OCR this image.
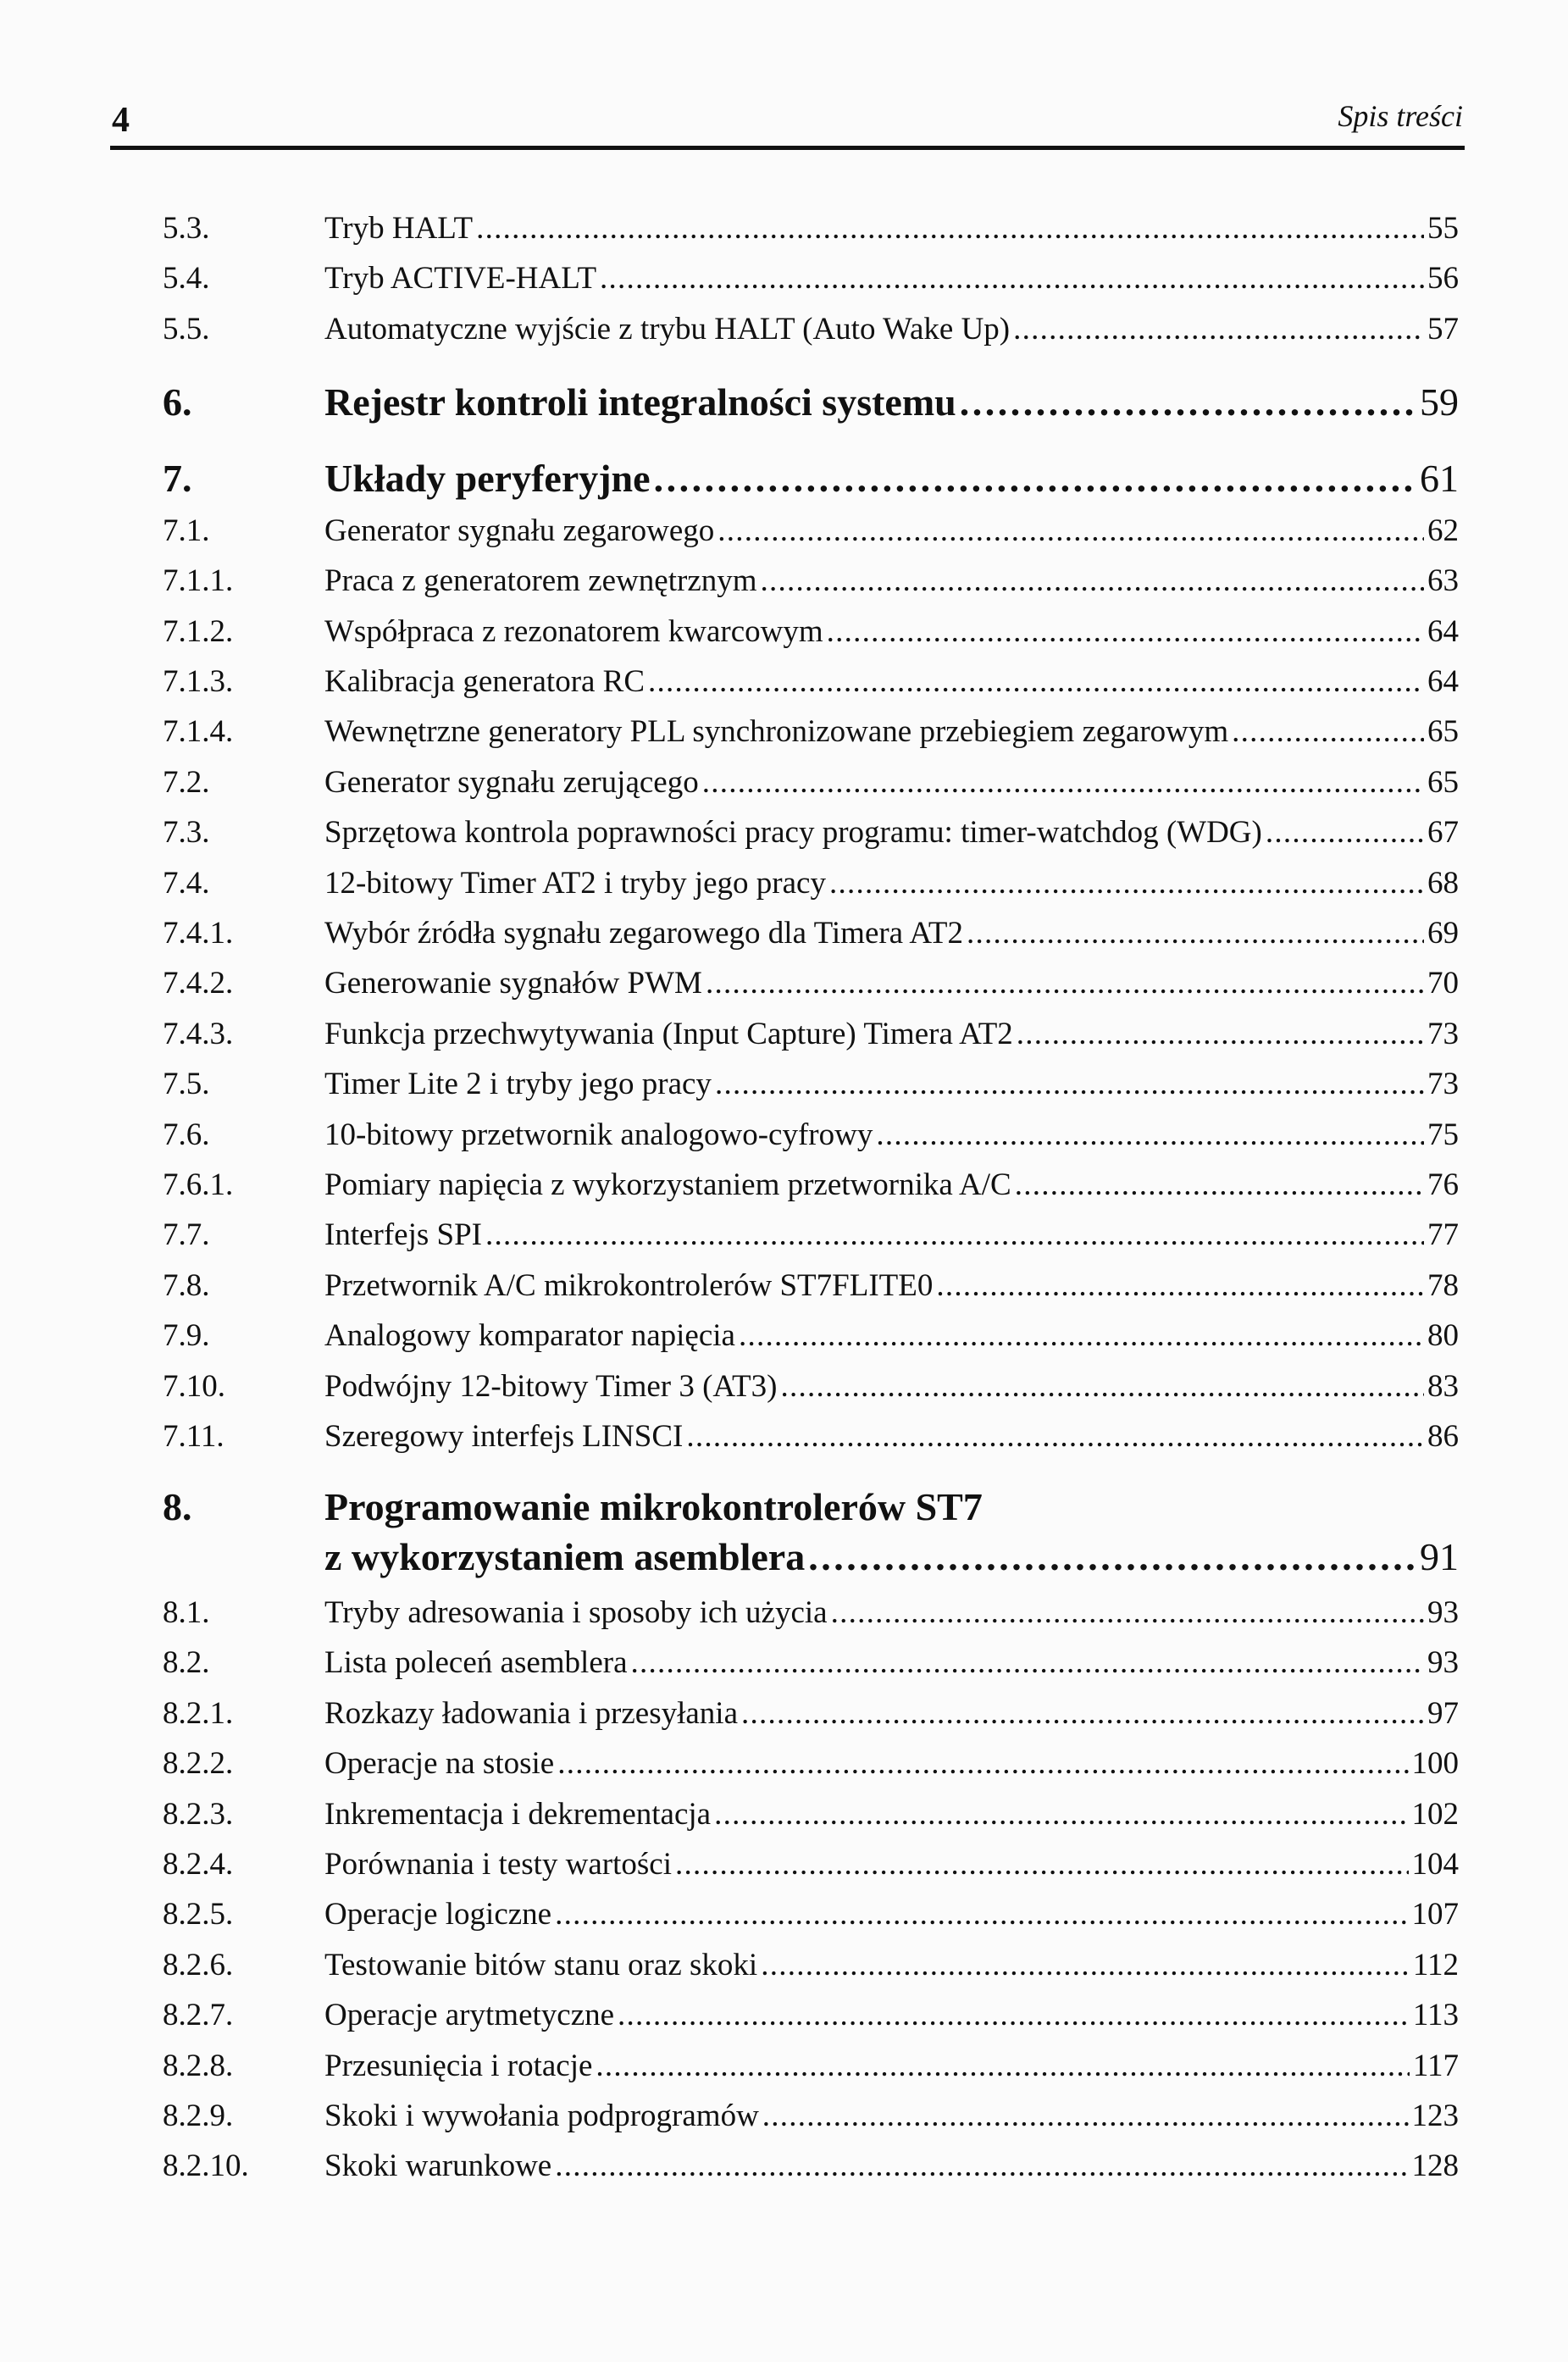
4	Spis treści
5.3.	Tryb HALT . . .	55
5.4.	Tryb ACTIVE-HALT . . .	56
5.5.	Automatyczne wyjście z trybu HALT (Auto Wake Up) . . .	57
6.	Rejestr kontroli integralności systemu . . .	59
7.	Układy peryferyjne . . .	61
7.1.	Generator sygnału zegarowego . . .	62
7.1.1.	Praca z generatorem zewnętrznym . . .	63
7.1.2.	Współpraca z rezonatorem kwarcowym . . .	64
7.1.3.	Kalibracja generatora RC . . .	64
7.1.4.	Wewnętrzne generatory PLL synchronizowane przebiegiem zegarowym . . .	65
7.2.	Generator sygnału zerującego . . .	65
7.3.	Sprzętowa kontrola poprawności pracy programu: timer-watchdog (WDG) . . .	67
7.4.	12-bitowy Timer AT2 i tryby jego pracy . . .	68
7.4.1.	Wybór źródła sygnału zegarowego dla Timera AT2 . . .	69
7.4.2.	Generowanie sygnałów PWM . . .	70
7.4.3.	Funkcja przechwytywania (Input Capture) Timera AT2 . . .	73
7.5.	Timer Lite 2 i tryby jego pracy . . .	73
7.6.	10-bitowy przetwornik analogowo-cyfrowy . . .	75
7.6.1.	Pomiary napięcia z wykorzystaniem przetwornika A/C . . .	76
7.7.	Interfejs SPI . . .	77
7.8.	Przetwornik A/C mikrokontrolerów ST7FLITE0 . . .	78
7.9.	Analogowy komparator napięcia . . .	80
7.10.	Podwójny 12-bitowy Timer 3 (AT3) . . .	83
7.11.	Szeregowy interfejs LINSCI . . .	86
8.	Programowanie mikrokontrolerów ST7
z wykorzystaniem asemblera . . .	91
8.1.	Tryby adresowania i sposoby ich użycia . . .	93
8.2.	Lista poleceń asemblera . . .	93
8.2.1.	Rozkazy ładowania i przesyłania . . .	97
8.2.2.	Operacje na stosie . . .	100
8.2.3.	Inkrementacja i dekrementacja . . .	102
8.2.4.	Porównania i testy wartości . . .	104
8.2.5.	Operacje logiczne . . .	107
8.2.6.	Testowanie bitów stanu oraz skoki . . .	112
8.2.7.	Operacje arytmetyczne . . .	113
8.2.8.	Przesunięcia i rotacje . . .	117
8.2.9.	Skoki i wywołania podprogramów . . .	123
8.2.10.	Skoki warunkowe . . .	128
